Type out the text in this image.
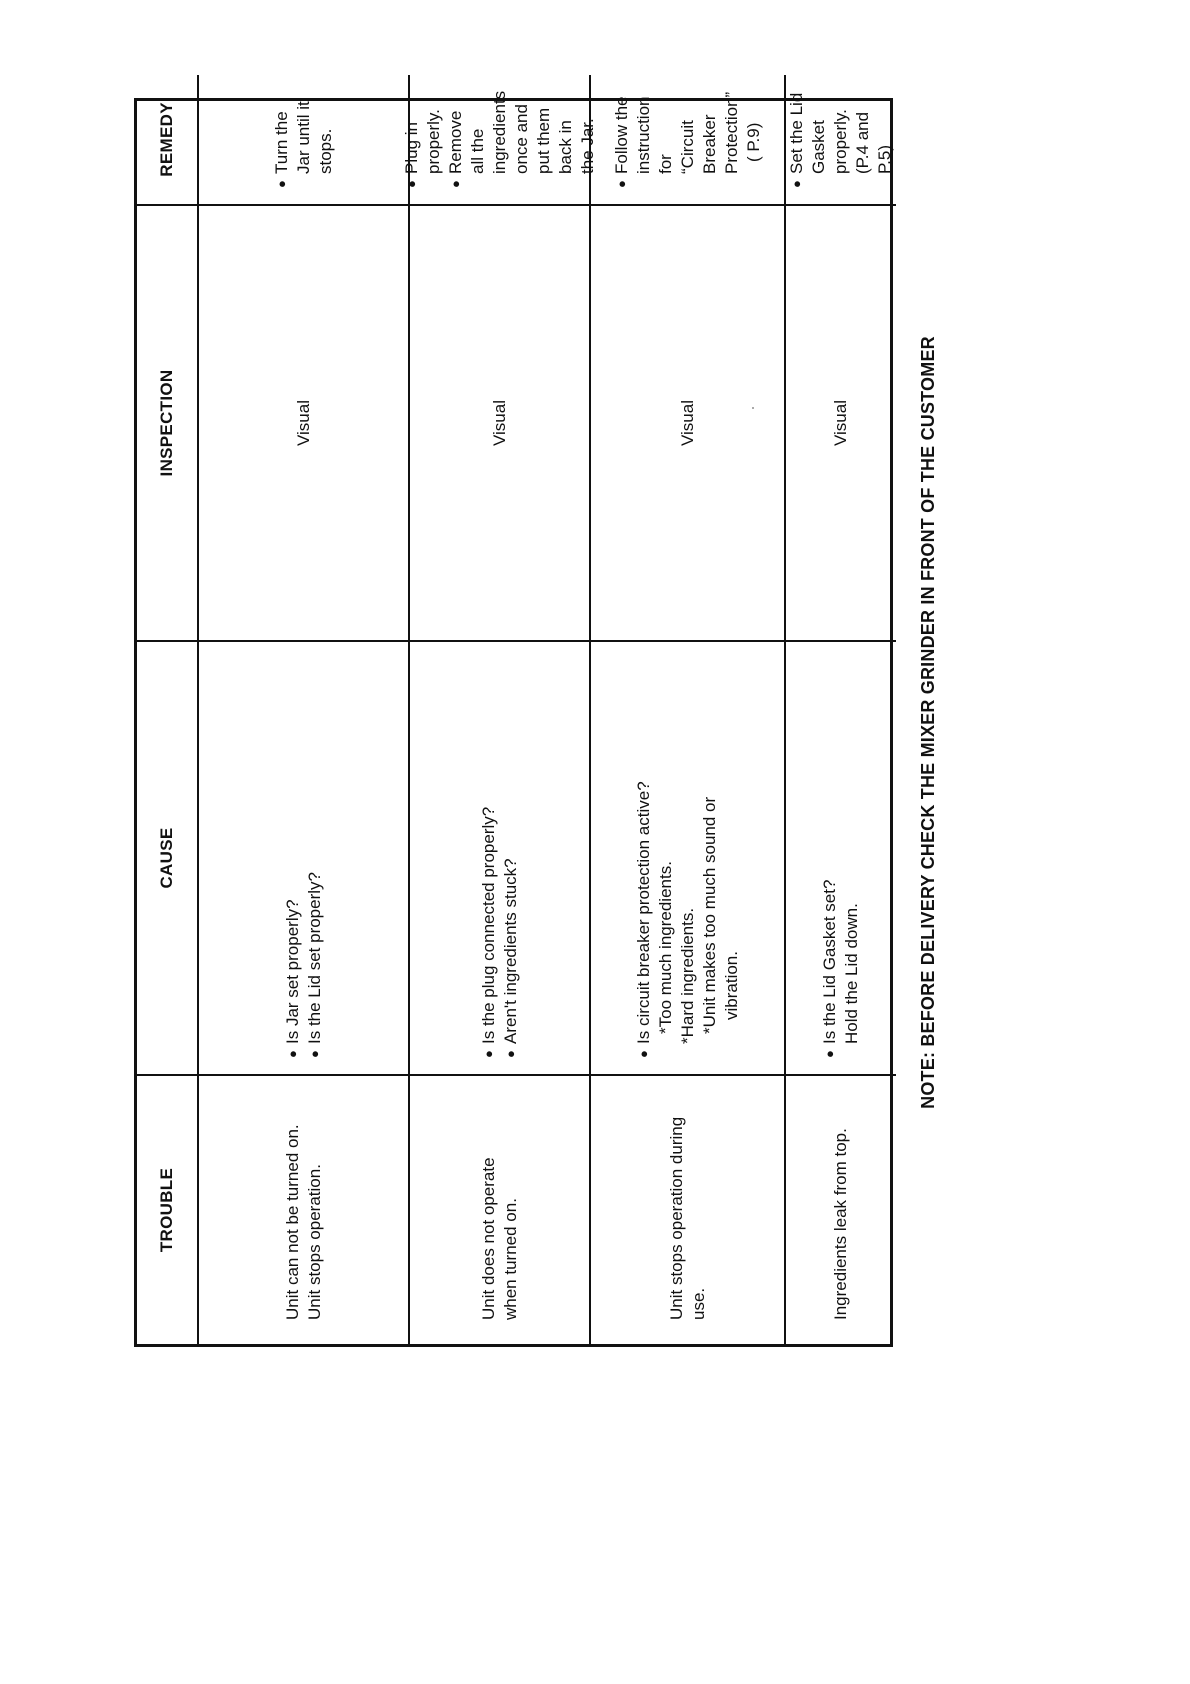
TROUBLE
CAUSE
INSPECTION
REMEDY
Unit can not be turned on. Unit stops operation.
● Is Jar set properly? ● Is the Lid set properly?
Visual
● Turn the Jar until it stops.
Unit does not operate when turned on.
● Is the plug connected properly? ● Aren't ingredients stuck?
Visual
● Plug in properly. ● Remove all the ingredients once and put them back in the Jar.
Unit stops operation during use.
● Is circuit breaker protection active? *Too much ingredients. *Hard ingredients. *Unit makes too much sound or vibration.
Visual
● Follow the instruction for “Circuit Breaker Protection” ( P.9)
Ingredients leak from top.
● Is the Lid Gasket set? Hold the Lid down.
Visual
● Set the Lid Gasket properly. (P.4 and P.5)
NOTE: BEFORE DELIVERY CHECK THE MIXER GRINDER IN FRONT OF THE CUSTOMER
